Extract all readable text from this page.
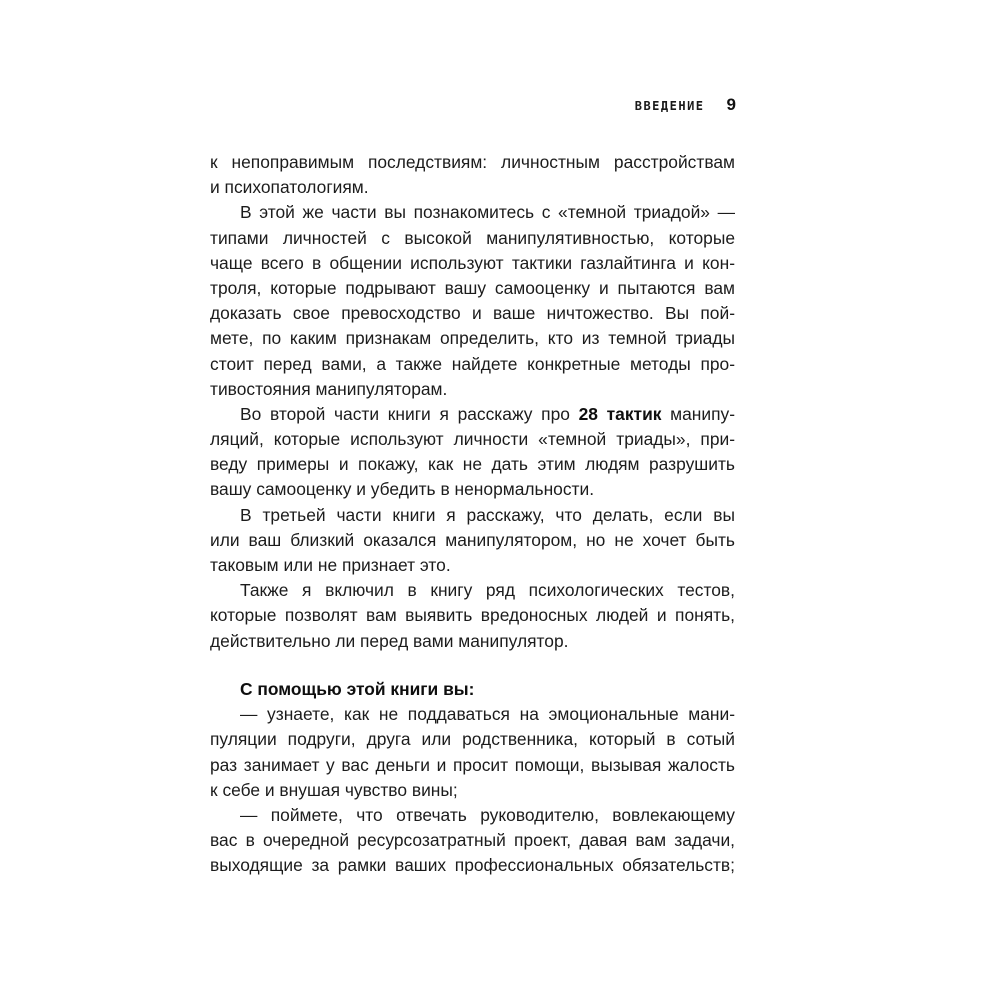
ВВЕДЕНИЕ 9
к непоправимым последствиям: личностным расстройствам
и психопатологиям.
В этой же части вы познакомитесь с «темной триадой» —
типами личностей с высокой манипулятивностью, которые
чаще всего в общении используют тактики газлайтинга и кон-
троля, которые подрывают вашу самооценку и пытаются вам
доказать свое превосходство и ваше ничтожество. Вы пой-
мете, по каким признакам определить, кто из темной триады
стоит перед вами, а также найдете конкретные методы про-
тивостояния манипуляторам.
Во второй части книги я расскажу про 28 тактик манипу-
ляций, которые используют личности «темной триады», при-
веду примеры и покажу, как не дать этим людям разрушить
вашу самооценку и убедить в ненормальности.
В третьей части книги я расскажу, что делать, если вы
или ваш близкий оказался манипулятором, но не хочет быть
таковым или не признает это.
Также я включил в книгу ряд психологических тестов,
которые позволят вам выявить вредоносных людей и понять,
действительно ли перед вами манипулятор.
С помощью этой книги вы:
— узнаете, как не поддаваться на эмоциональные мани-
пуляции подруги, друга или родственника, который в сотый
раз занимает у вас деньги и просит помощи, вызывая жалость
к себе и внушая чувство вины;
— поймете, что отвечать руководителю, вовлекающему
вас в очередной ресурсозатратный проект, давая вам задачи,
выходящие за рамки ваших профессиональных обязательств;
